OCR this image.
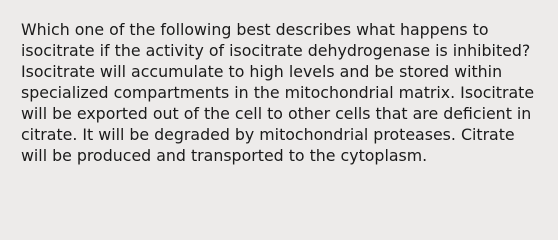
Which one of the following best describes what happens to
isocitrate if the activity of isocitrate dehydrogenase is inhibited?
Isocitrate will accumulate to high levels and be stored within
specialized compartments in the mitochondrial matrix. Isocitrate
will be exported out of the cell to other cells that are deficient in
citrate. It will be degraded by mitochondrial proteases. Citrate
will be produced and transported to the cytoplasm.
